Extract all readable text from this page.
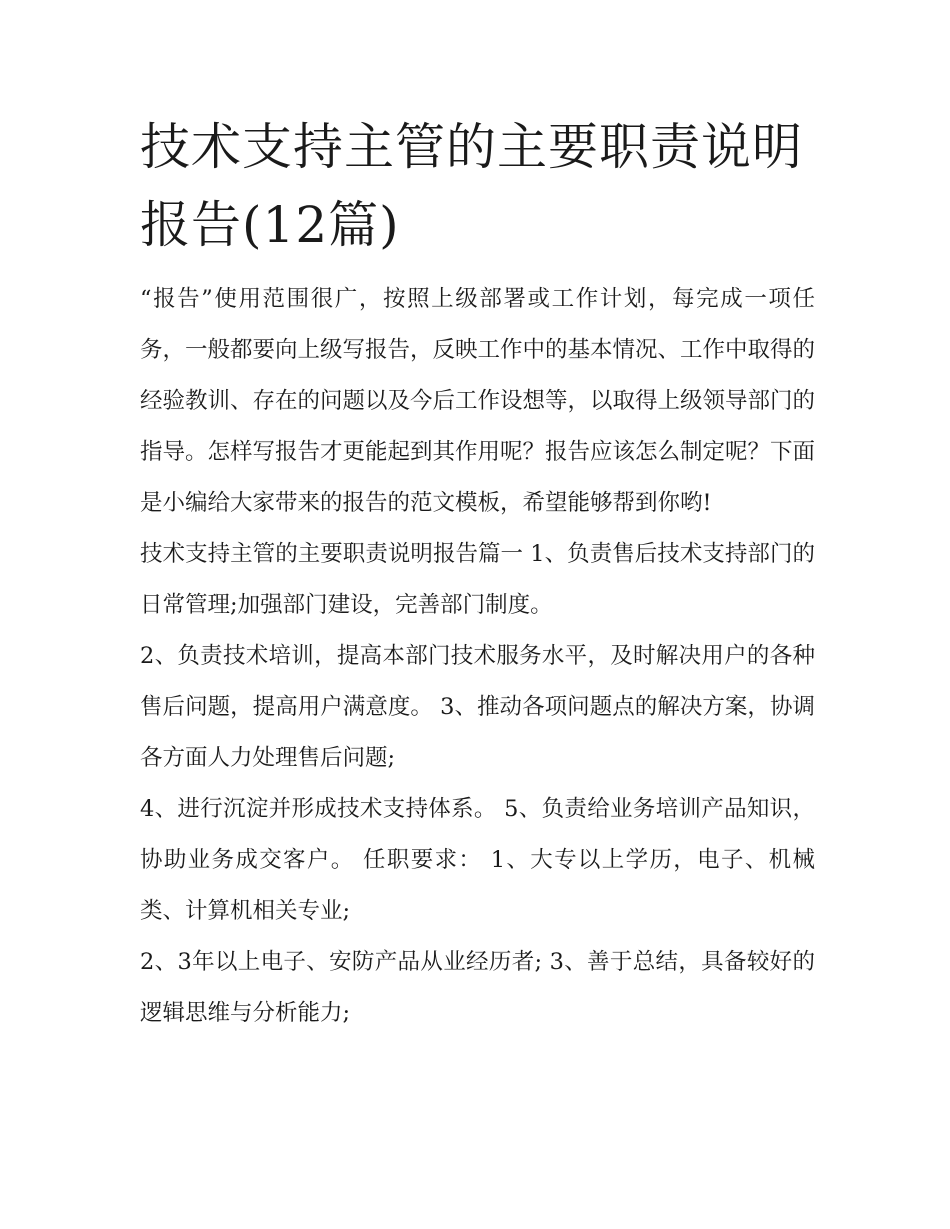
技术支持主管的主要职责说明报告(12篇)

“报告”使用范围很广，按照上级部署或工作计划，每完成一项任务，一般都要向上级写报告，反映工作中的基本情况、工作中取得的经验教训、存在的问题以及今后工作设想等，以取得上级领导部门的指导。怎样写报告才更能起到其作用呢？报告应该怎么制定呢？下面是小编给大家带来的报告的范文模板，希望能够帮到你哟!

技术支持主管的主要职责说明报告篇一 1、负责售后技术支持部门的日常管理;加强部门建设，完善部门制度。

2、负责技术培训，提高本部门技术服务水平，及时解决用户的各种售后问题，提高用户满意度。 3、推动各项问题点的解决方案，协调各方面人力处理售后问题;

4、进行沉淀并形成技术支持体系。 5、负责给业务培训产品知识，协助业务成交客户。 任职要求： 1、大专以上学历，电子、机械类、计算机相关专业;

2、3年以上电子、安防产品从业经历者; 3、善于总结，具备较好的逻辑思维与分析能力;
